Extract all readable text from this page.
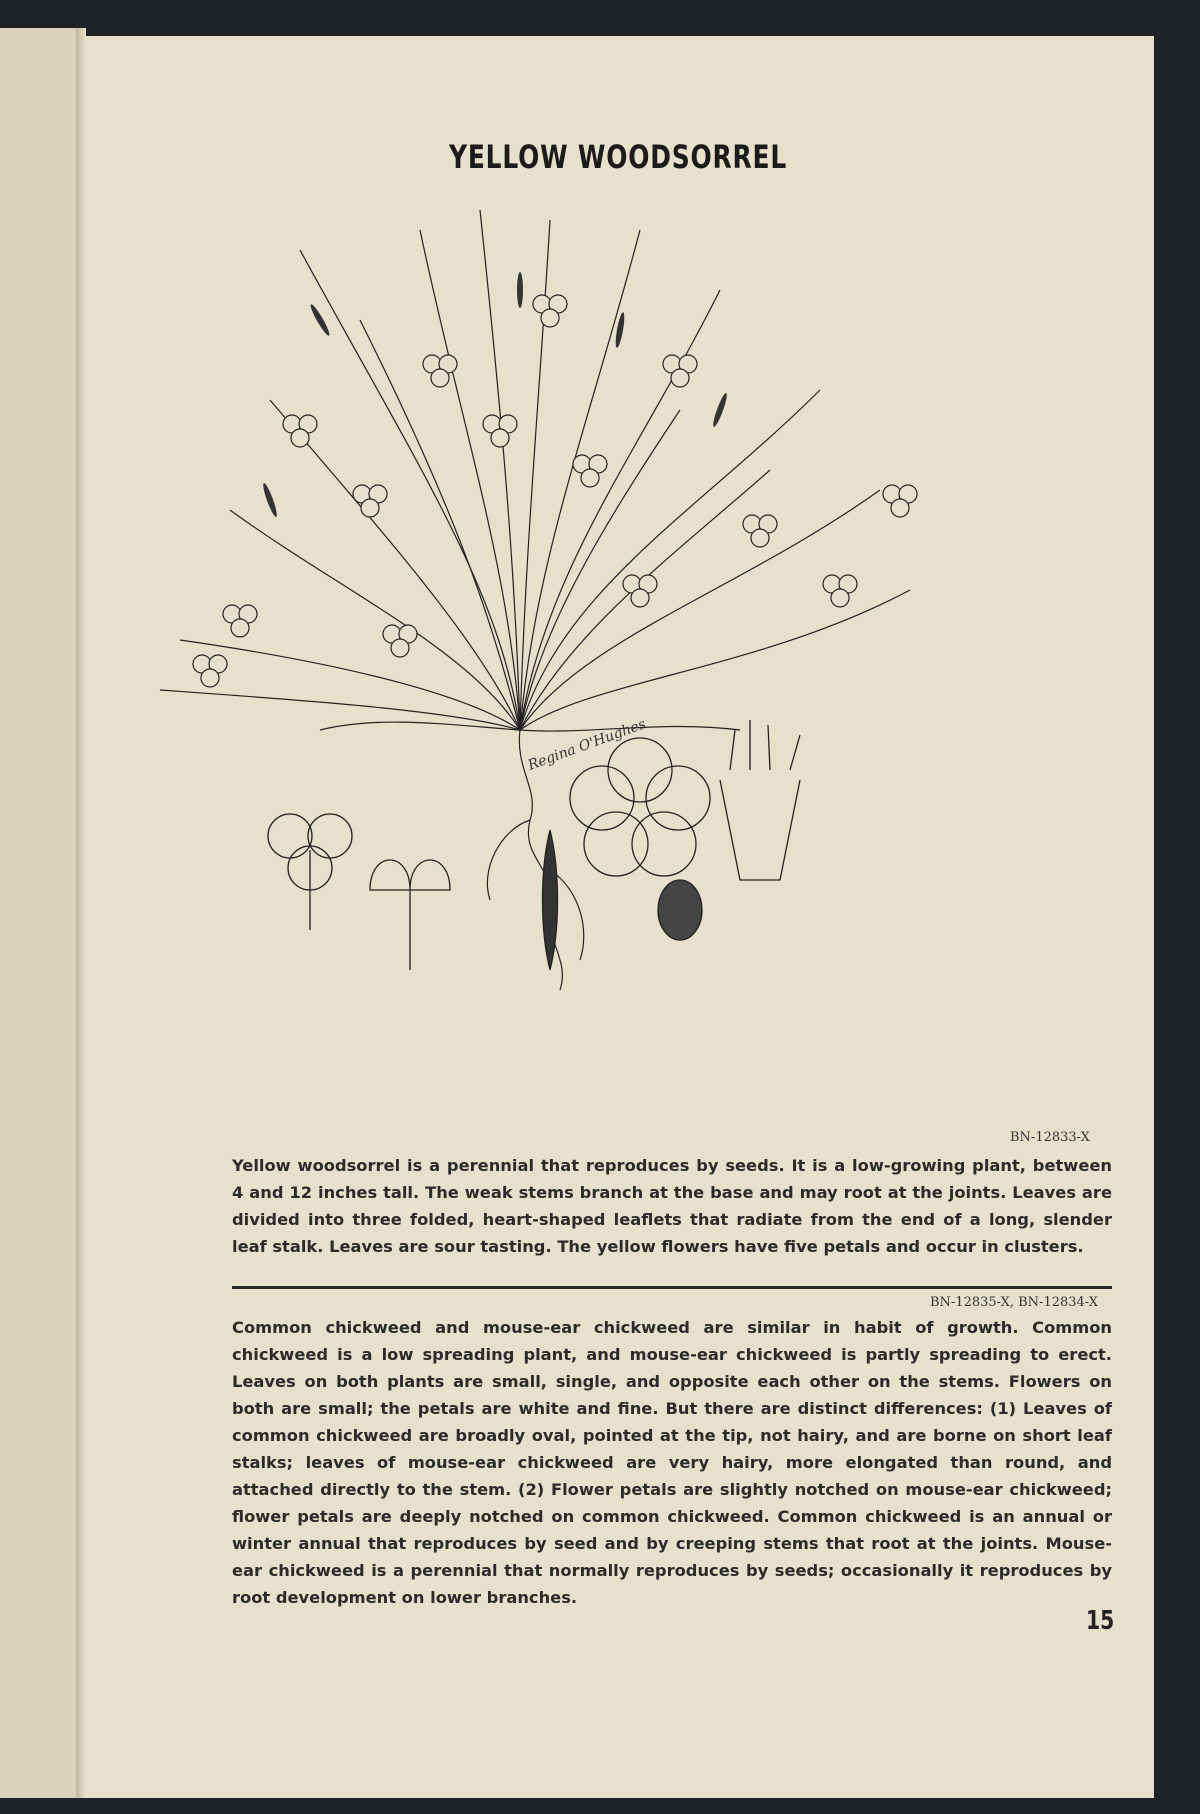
YELLOW WOODSORREL
Regina O'Hughes
BN-12833-X

Yellow woodsorrel is a perennial that reproduces by seeds. It is a low-growing plant, between 4 and 12 inches tall. The weak stems branch at the base and may root at the joints. Leaves are divided into three folded, heart-shaped leaflets that radiate from the end of a long, slender leaf stalk. Leaves are sour tasting. The yellow flowers have five petals and occur in clusters.

BN-12835-X, BN-12834-X

Common chickweed and mouse-ear chickweed are similar in habit of growth. Common chickweed is a low spreading plant, and mouse-ear chickweed is partly spreading to erect. Leaves on both plants are small, single, and opposite each other on the stems. Flowers on both are small; the petals are white and fine. But there are distinct differences: (1) Leaves of common chickweed are broadly oval, pointed at the tip, not hairy, and are borne on short leaf stalks; leaves of mouse-ear chickweed are very hairy, more elongated than round, and attached directly to the stem. (2) Flower petals are slightly notched on mouse-ear chickweed; flower petals are deeply notched on common chickweed. Common chickweed is an annual or winter annual that reproduces by seed and by creeping stems that root at the joints. Mouse-ear chickweed is a perennial that normally reproduces by seeds; occasionally it reproduces by root development on lower branches.

15
